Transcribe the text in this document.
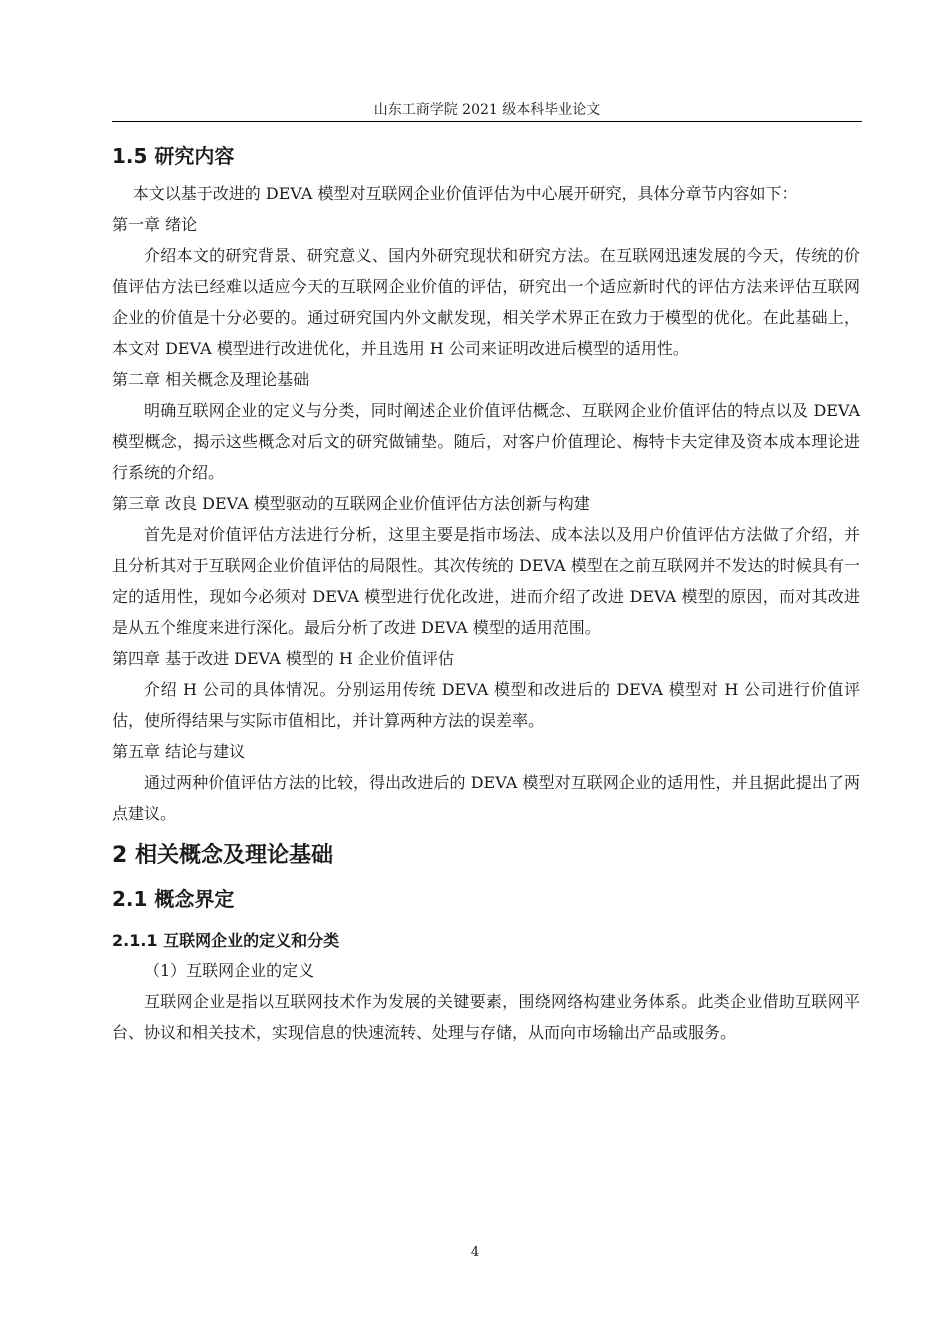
山东工商学院 2021 级本科毕业论文
1.5 研究内容

本文以基于改进的 DEVA 模型对互联网企业价值评估为中心展开研究，具体分章节内容如下：

第一章 绪论

介绍本文的研究背景、研究意义、国内外研究现状和研究方法。在互联网迅速发展的今天，传统的价值评估方法已经难以适应今天的互联网企业价值的评估，研究出一个适应新时代的评估方法来评估互联网企业的价值是十分必要的。通过研究国内外文献发现，相关学术界正在致力于模型的优化。在此基础上，本文对 DEVA 模型进行改进优化，并且选用 H 公司来证明改进后模型的适用性。

第二章 相关概念及理论基础

明确互联网企业的定义与分类，同时阐述企业价值评估概念、互联网企业价值评估的特点以及 DEVA 模型概念，揭示这些概念对后文的研究做铺垫。随后，对客户价值理论、梅特卡夫定律及资本成本理论进行系统的介绍。

第三章 改良 DEVA 模型驱动的互联网企业价值评估方法创新与构建

首先是对价值评估方法进行分析，这里主要是指市场法、成本法以及用户价值评估方法做了介绍，并且分析其对于互联网企业价值评估的局限性。其次传统的 DEVA 模型在之前互联网并不发达的时候具有一定的适用性，现如今必须对 DEVA 模型进行优化改进，进而介绍了改进 DEVA 模型的原因，而对其改进是从五个维度来进行深化。最后分析了改进 DEVA 模型的适用范围。

第四章 基于改进 DEVA 模型的 H 企业价值评估

介绍 H 公司的具体情况。分别运用传统 DEVA 模型和改进后的 DEVA 模型对 H 公司进行价值评估，使所得结果与实际市值相比，并计算两种方法的误差率。

第五章 结论与建议

通过两种价值评估方法的比较，得出改进后的 DEVA 模型对互联网企业的适用性，并且据此提出了两点建议。

2 相关概念及理论基础
2.1 概念界定
2.1.1 互联网企业的定义和分类

（1）互联网企业的定义

互联网企业是指以互联网技术作为发展的关键要素，围绕网络构建业务体系。此类企业借助互联网平台、协议和相关技术，实现信息的快速流转、处理与存储，从而向市场输出产品或服务。

4
